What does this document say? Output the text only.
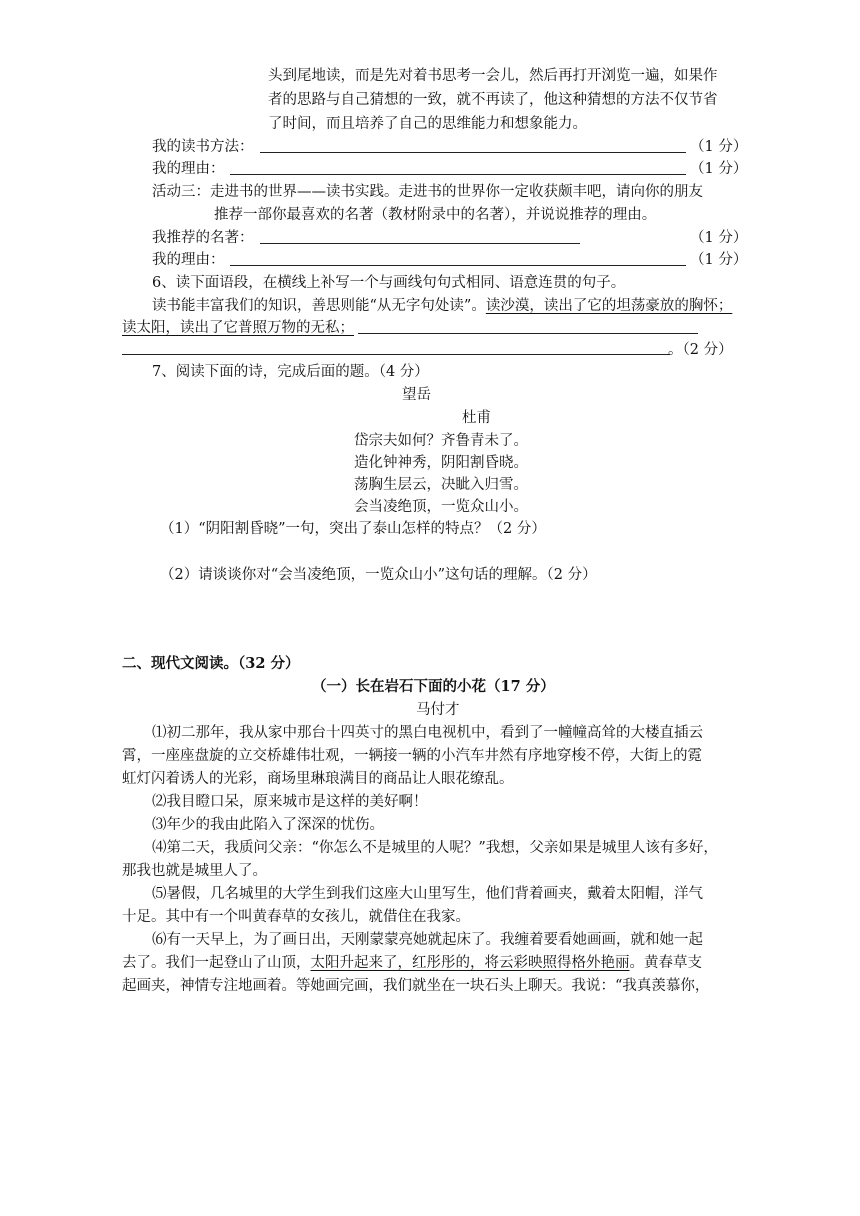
头到尾地读，而是先对着书思考一会儿，然后再打开浏览一遍，如果作
者的思路与自己猜想的一致，就不再读了，他这种猜想的方法不仅节省
了时间，而且培养了自己的思维能力和想象能力。
我的读书方法：	（1 分）
我的理由：	（1 分）
活动三：走进书的世界——读书实践。走进书的世界你一定收获颇丰吧，请向你的朋友
推荐一部你最喜欢的名著（教材附录中的名著），并说说推荐的理由。
我推荐的名著：	（1 分）
我的理由：	（1 分）
6、读下面语段，在横线上补写一个与画线句句式相同、语意连贯的句子。
读书能丰富我们的知识，善思则能“从无字句处读”。读沙漠，读出了它的坦荡豪放的胸怀；
读太阳，读出了它普照万物的无私；
。（2 分）
7、阅读下面的诗，完成后面的题。（4 分）
望岳
杜甫
岱宗夫如何？齐鲁青未了。
造化钟神秀，阴阳割昏晓。
荡胸生层云，决眦入归雪。
会当凌绝顶，一览众山小。
（1）“阴阳割昏晓”一句，突出了泰山怎样的特点？（2 分）
（2）请谈谈你对“会当凌绝顶，一览众山小”这句话的理解。（2 分）
二、现代文阅读。（32 分）
（一）长在岩石下面的小花（17 分）
马付才
⑴初二那年，我从家中那台十四英寸的黑白电视机中，看到了一幢幢高耸的大楼直插云
霄，一座座盘旋的立交桥雄伟壮观，一辆接一辆的小汽车井然有序地穿梭不停，大街上的霓
虹灯闪着诱人的光彩，商场里琳琅满目的商品让人眼花缭乱。
⑵我目瞪口呆，原来城市是这样的美好啊！
⑶年少的我由此陷入了深深的忧伤。
⑷第二天，我质问父亲：“你怎么不是城里的人呢？”我想，父亲如果是城里人该有多好，
那我也就是城里人了。
⑸暑假，几名城里的大学生到我们这座大山里写生，他们背着画夹，戴着太阳帽，洋气
十足。其中有一个叫黄春草的女孩儿，就借住在我家。
⑹有一天早上，为了画日出，天刚蒙蒙亮她就起床了。我缠着要看她画画，就和她一起
去了。我们一起登山了山顶，太阳升起来了，红彤彤的，将云彩映照得格外艳丽。黄春草支
起画夹，神情专注地画着。等她画完画，我们就坐在一块石头上聊天。我说：“我真羡慕你，
